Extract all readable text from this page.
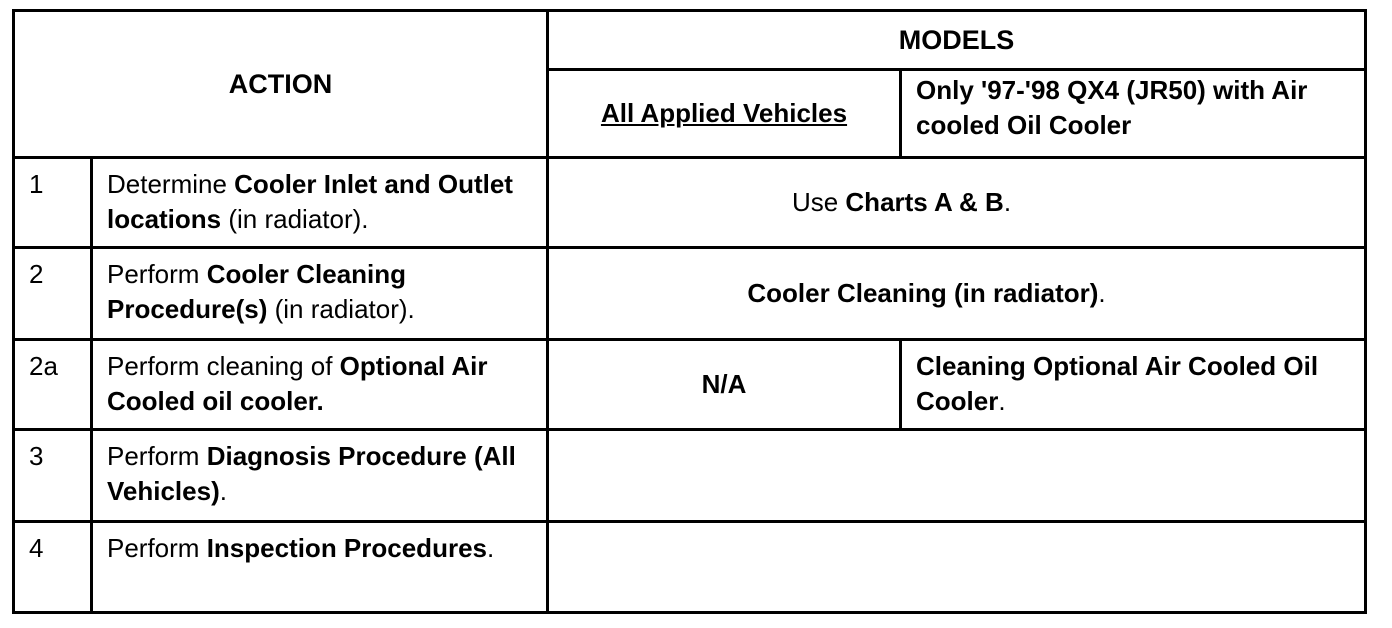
ACTION		MODELS	
		All Applied Vehicles	Only '97-'98 QX4 (JR50) with Air cooled Oil Cooler
1	Determine Cooler Inlet and Outlet locations (in radiator).	Use Charts A & B.	
2	Perform Cooler Cleaning Procedure(s) (in radiator).	Cooler Cleaning (in radiator).	
2a	Perform cleaning of Optional Air Cooled oil cooler.	N/A	Cleaning Optional Air Cooled Oil Cooler.
3	Perform Diagnosis Procedure (All Vehicles).		
4	Perform Inspection Procedures.		
